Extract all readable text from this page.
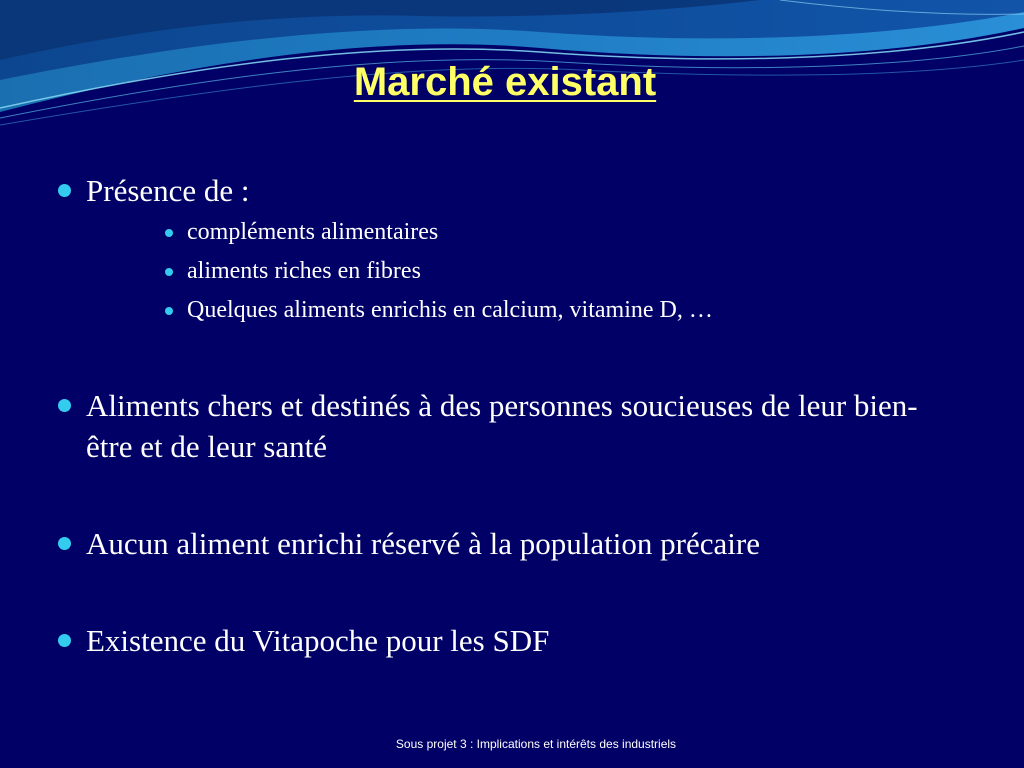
Marché existant
Présence de :
compléments alimentaires
aliments riches en fibres
Quelques aliments enrichis en calcium, vitamine D, …
Aliments chers et destinés à des personnes soucieuses de leur bien-être et de leur santé
Aucun aliment enrichi réservé à la population précaire
Existence du Vitapoche pour les SDF
Sous projet 3 : Implications et intérêts des industriels
